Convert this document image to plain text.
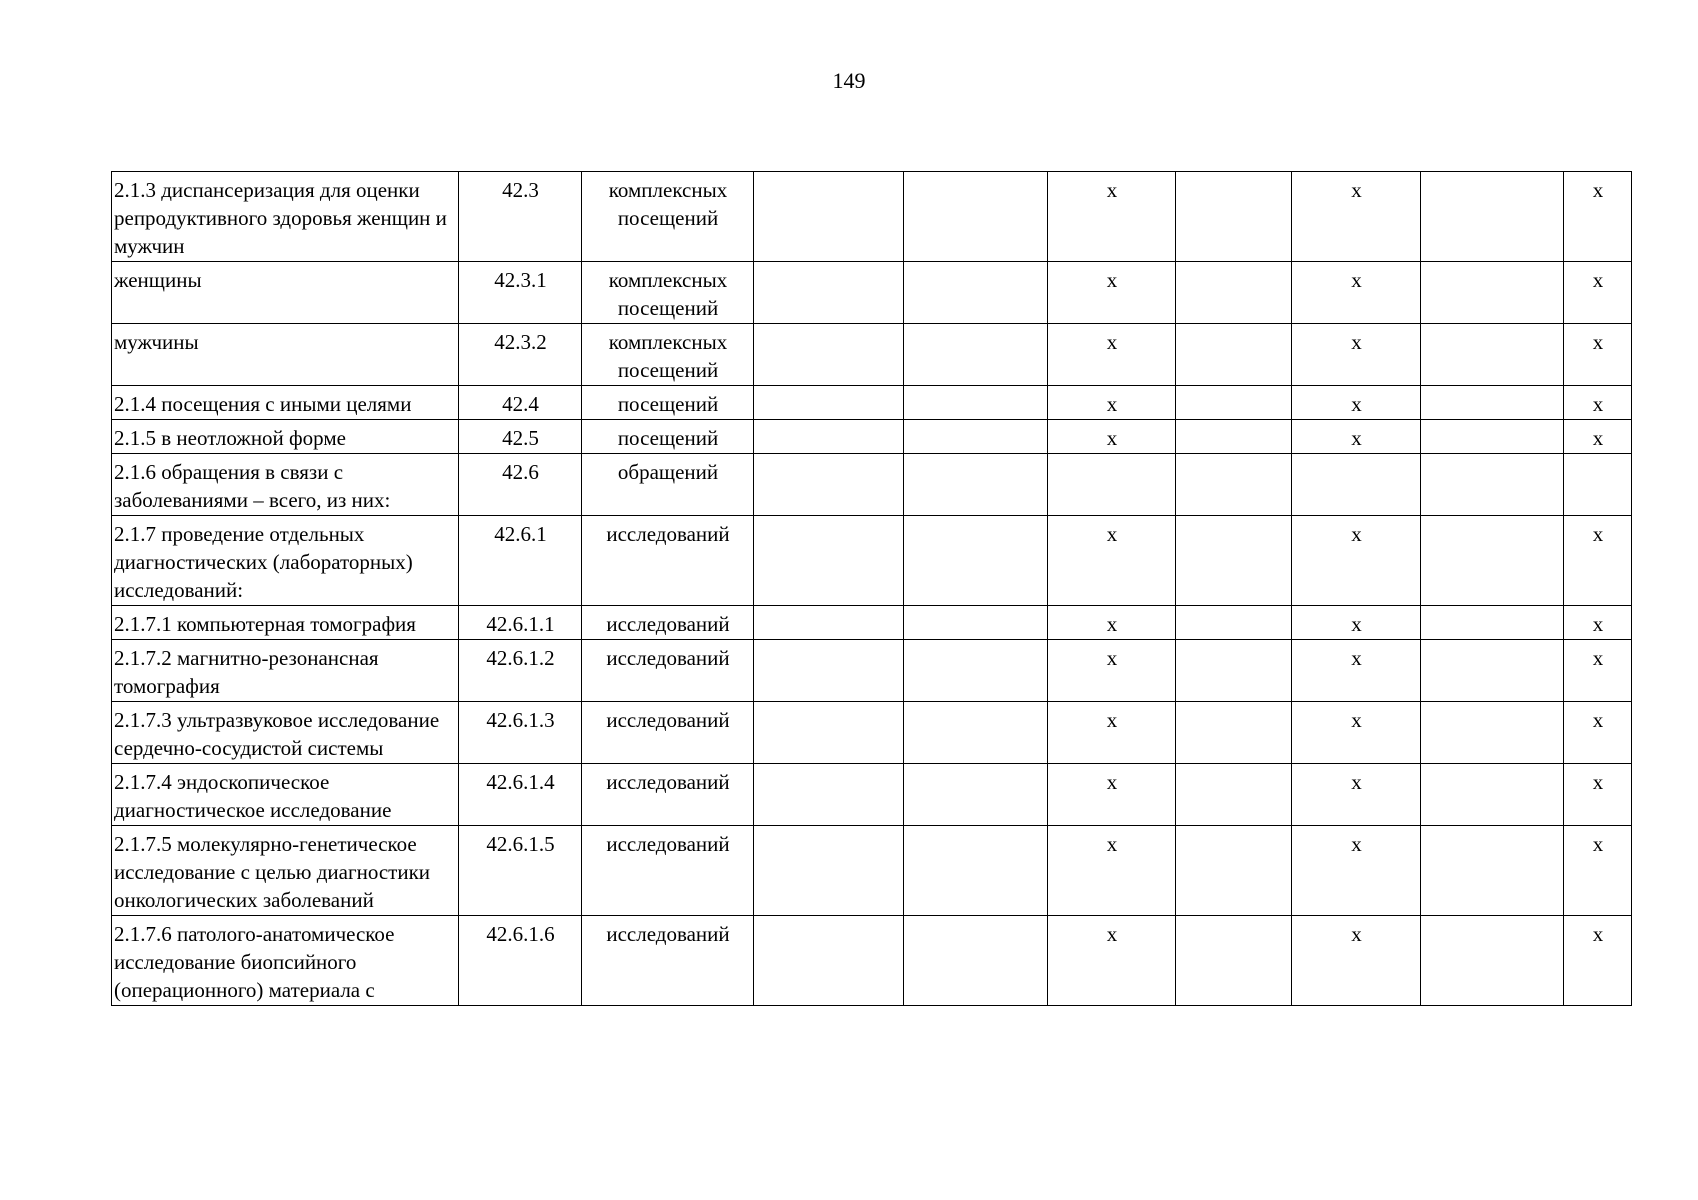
149
2.1.3 диспансеризация для оценки репродуктивного здоровья женщин и мужчин	42.3	комплексных посещений			х		х		х
женщины	42.3.1	комплексных посещений			х		х		х
мужчины	42.3.2	комплексных посещений			х		х		х
2.1.4 посещения с иными целями	42.4	посещений			х		х		х
2.1.5 в неотложной форме	42.5	посещений			х		х		х
2.1.6 обращения в связи с заболеваниями – всего, из них:	42.6	обращений							
2.1.7 проведение отдельных диагностических (лабораторных) исследований:	42.6.1	исследований			х		х		х
2.1.7.1 компьютерная томография	42.6.1.1	исследований			х		х		х
2.1.7.2 магнитно-резонансная томография	42.6.1.2	исследований			х		х		х
2.1.7.3 ультразвуковое исследование сердечно-сосудистой системы	42.6.1.3	исследований			х		х		х
2.1.7.4 эндоскопическое диагностическое исследование	42.6.1.4	исследований			х		х		х
2.1.7.5 молекулярно-генетическое исследование с целью диагностики онкологических заболеваний	42.6.1.5	исследований			х		х		х
2.1.7.6 патолого-анатомическое исследование биопсийного (операционного) материала с	42.6.1.6	исследований			х		х		х
